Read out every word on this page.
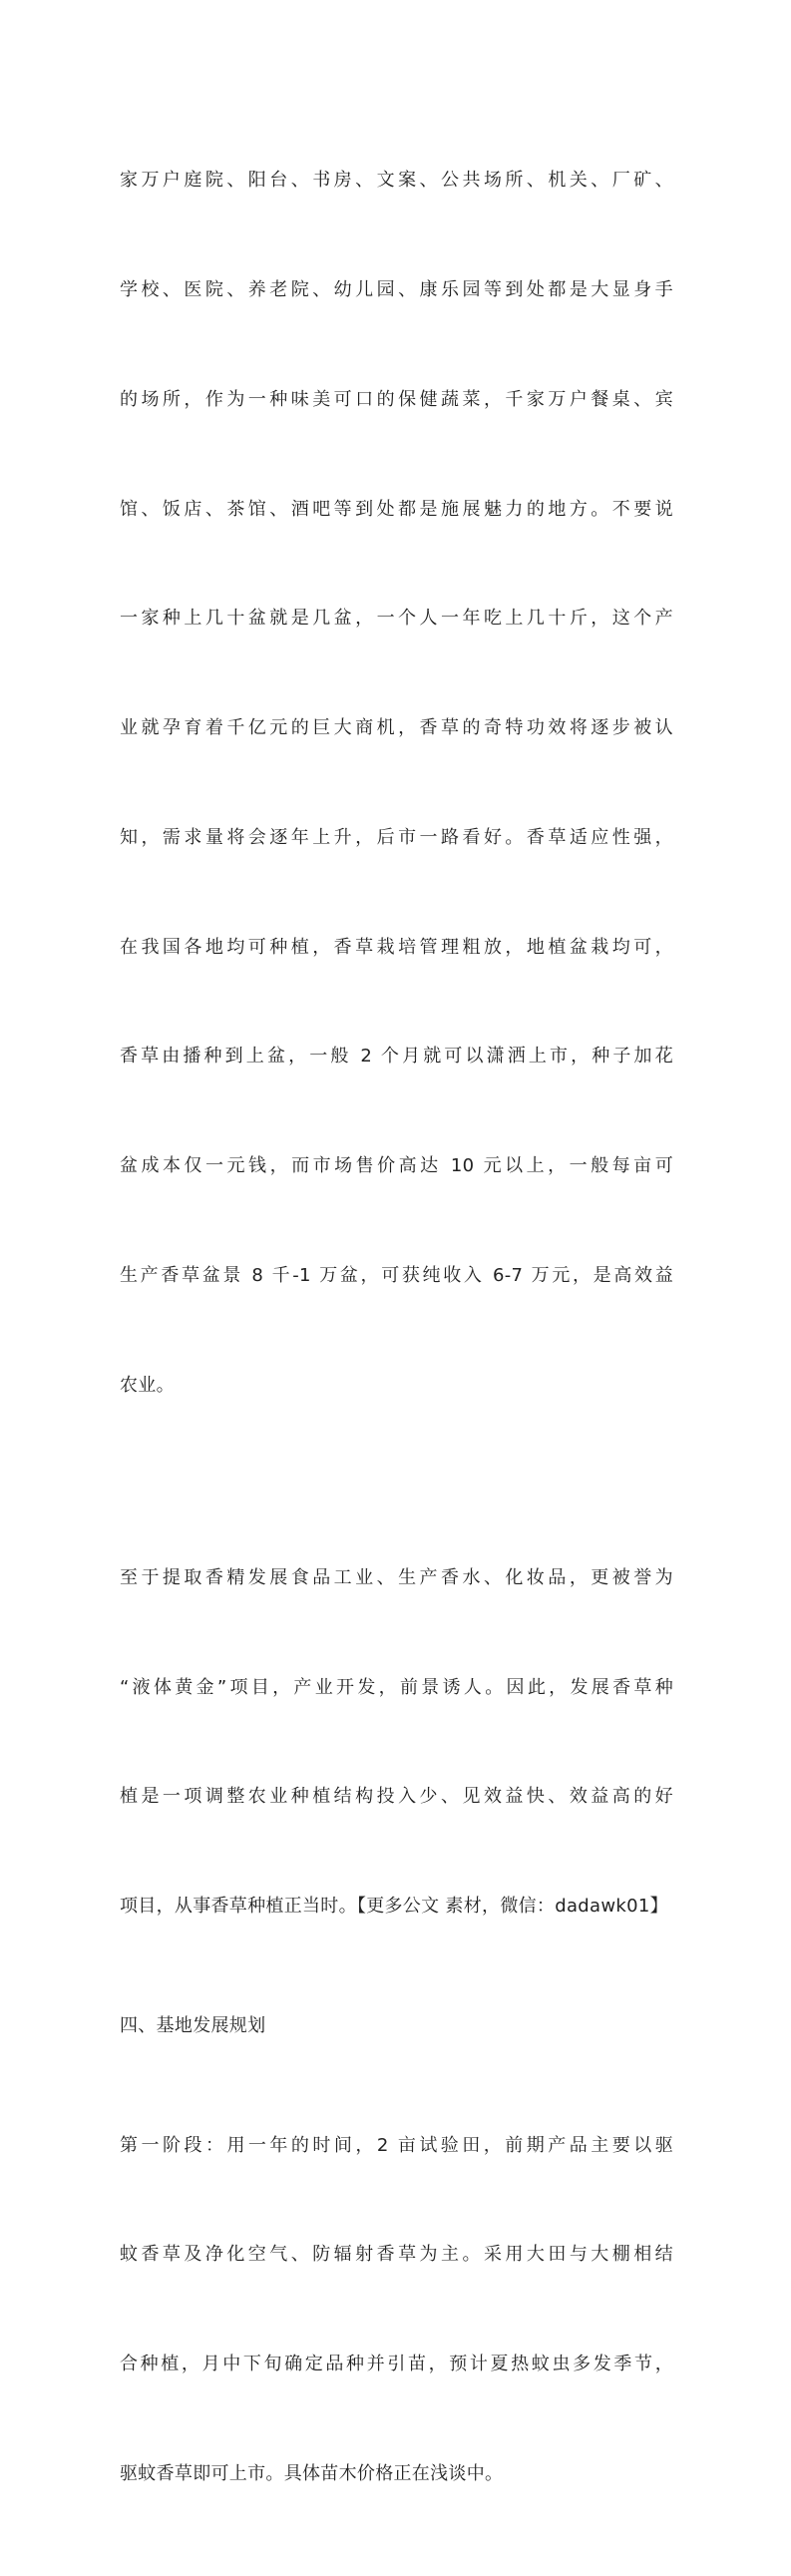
家万户庭院、阳台、书房、文案、公共场所、机关、厂矿、

学校、医院、养老院、幼儿园、康乐园等到处都是大显身手

的场所，作为一种味美可口的保健蔬菜，千家万户餐桌、宾

馆、饭店、茶馆、酒吧等到处都是施展魅力的地方。不要说

一家种上几十盆就是几盆，一个人一年吃上几十斤，这个产

业就孕育着千亿元的巨大商机，香草的奇特功效将逐步被认

知，需求量将会逐年上升，后市一路看好。香草适应性强，

在我国各地均可种植，香草栽培管理粗放，地植盆栽均可，

香草由播种到上盆，一般 2 个月就可以潇洒上市，种子加花

盆成本仅一元钱，而市场售价高达 10 元以上，一般每亩可

生产香草盆景 8 千-1 万盆，可获纯收入 6-7 万元，是高效益

农业。

至于提取香精发展食品工业、生产香水、化妆品，更被誉为

“液体黄金”项目，产业开发，前景诱人。因此，发展香草种

植是一项调整农业种植结构投入少、见效益快、效益高的好

项目，从事香草种植正当时。【更多公文 素材，微信：dadawk01】

四、基地发展规划

第一阶段：用一年的时间，2 亩试验田，前期产品主要以驱

蚊香草及净化空气、防辐射香草为主。采用大田与大棚相结

合种植，月中下旬确定品种并引苗，预计夏热蚊虫多发季节，

驱蚊香草即可上市。具体苗木价格正在浅谈中。
